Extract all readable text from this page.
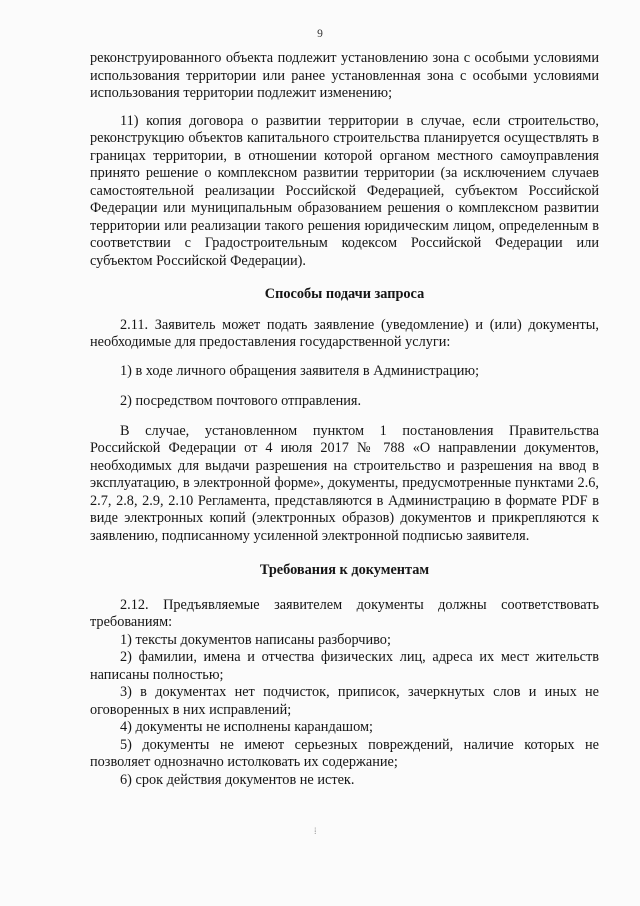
9

реконструированного объекта подлежит установлению зона с особыми условиями использования территории или ранее установленная зона с особыми условиями использования территории подлежит изменению;

11) копия договора о развитии территории в случае, если строительство, реконструкцию объектов капитального строительства планируется осуществлять в границах территории, в отношении которой органом местного самоуправления принято решение о комплексном развитии территории (за исключением случаев самостоятельной реализации Российской Федерацией, субъектом Российской Федерации или муниципальным образованием решения о комплексном развитии территории или реализации такого решения юридическим лицом, определенным в соответствии с Градостроительным кодексом Российской Федерации или субъектом Российской Федерации).

Способы подачи запроса

2.11. Заявитель может подать заявление (уведомление) и (или) документы, необходимые для предоставления государственной услуги:

1) в ходе личного обращения заявителя в Администрацию;

2) посредством почтового отправления.

В случае, установленном пунктом 1 постановления Правительства Российской Федерации от 4 июля 2017 № 788 «О направлении документов, необходимых для выдачи разрешения на строительство и разрешения на ввод в эксплуатацию, в электронной форме», документы, предусмотренные пунктами 2.6, 2.7, 2.8, 2.9, 2.10 Регламента, представляются в Администрацию в формате PDF в виде электронных копий (электронных образов) документов и прикрепляются к заявлению, подписанному усиленной электронной подписью заявителя.

Требования к документам

2.12. Предъявляемые заявителем документы должны соответствовать требованиям:

1) тексты документов написаны разборчиво;

2) фамилии, имена и отчества физических лиц, адреса их мест жительств написаны полностью;

3) в документах нет подчисток, приписок, зачеркнутых слов и иных не оговоренных в них исправлений;

4) документы не исполнены карандашом;

5) документы не имеют серьезных повреждений, наличие которых не позволяет однозначно истолковать их содержание;

6) срок действия документов не истек.

⁞
